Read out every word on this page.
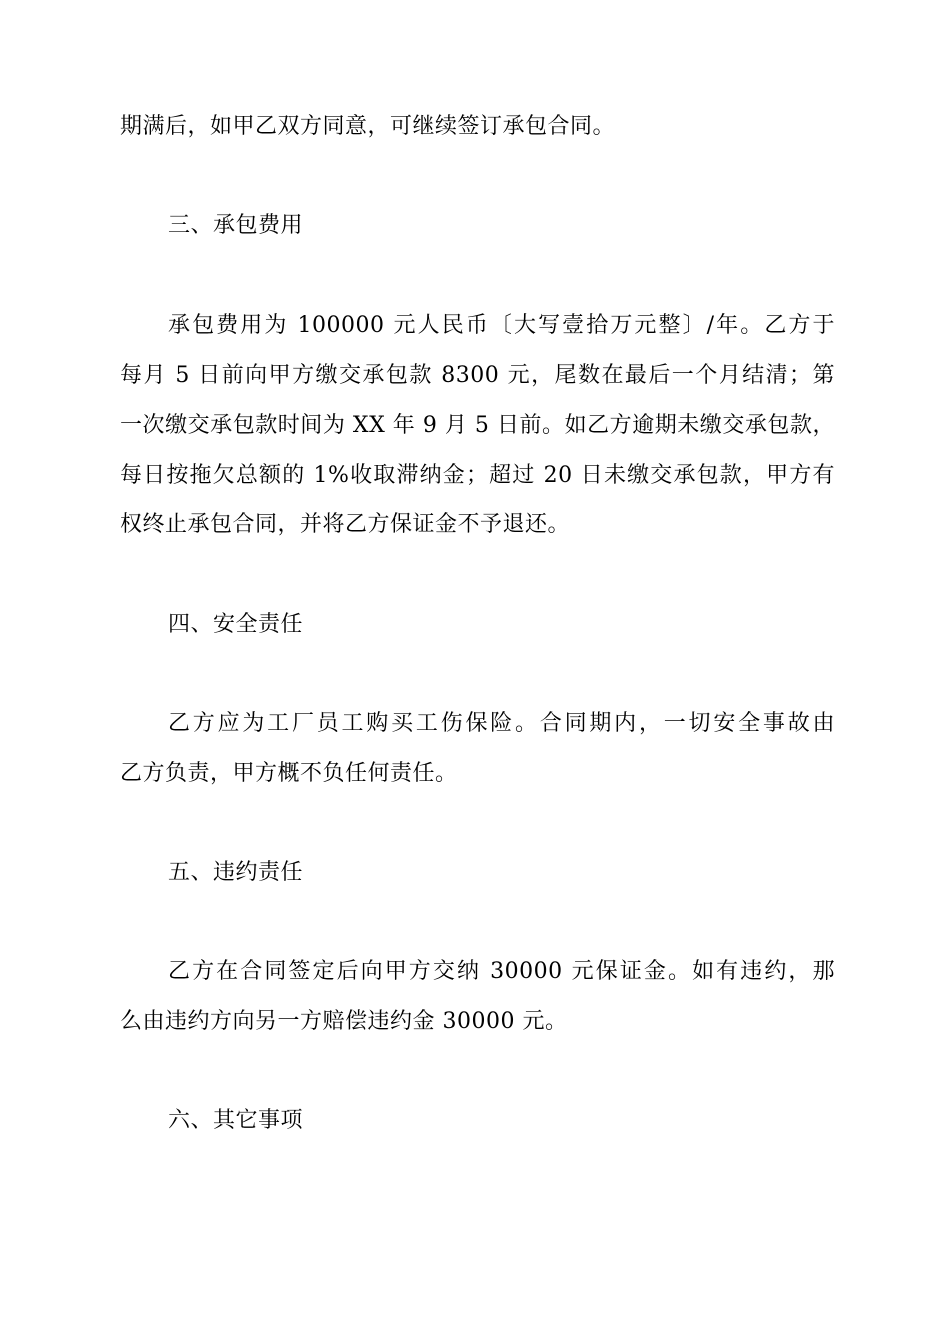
期满后，如甲乙双方同意，可继续签订承包合同。
三、承包费用
承包费用为 100000 元人民币〔大写壹拾万元整〕/年。乙方于
每月 5 日前向甲方缴交承包款 8300 元，尾数在最后一个月结清；第
一次缴交承包款时间为 XX 年 9 月 5 日前。如乙方逾期未缴交承包款，
每日按拖欠总额的 1%收取滞纳金；超过 20 日未缴交承包款，甲方有
权终止承包合同，并将乙方保证金不予退还。
四、安全责任
乙方应为工厂员工购买工伤保险。合同期内，一切安全事故由
乙方负责，甲方概不负任何责任。
五、违约责任
乙方在合同签定后向甲方交纳 30000 元保证金。如有违约，那
么由违约方向另一方赔偿违约金 30000 元。
六、其它事项
